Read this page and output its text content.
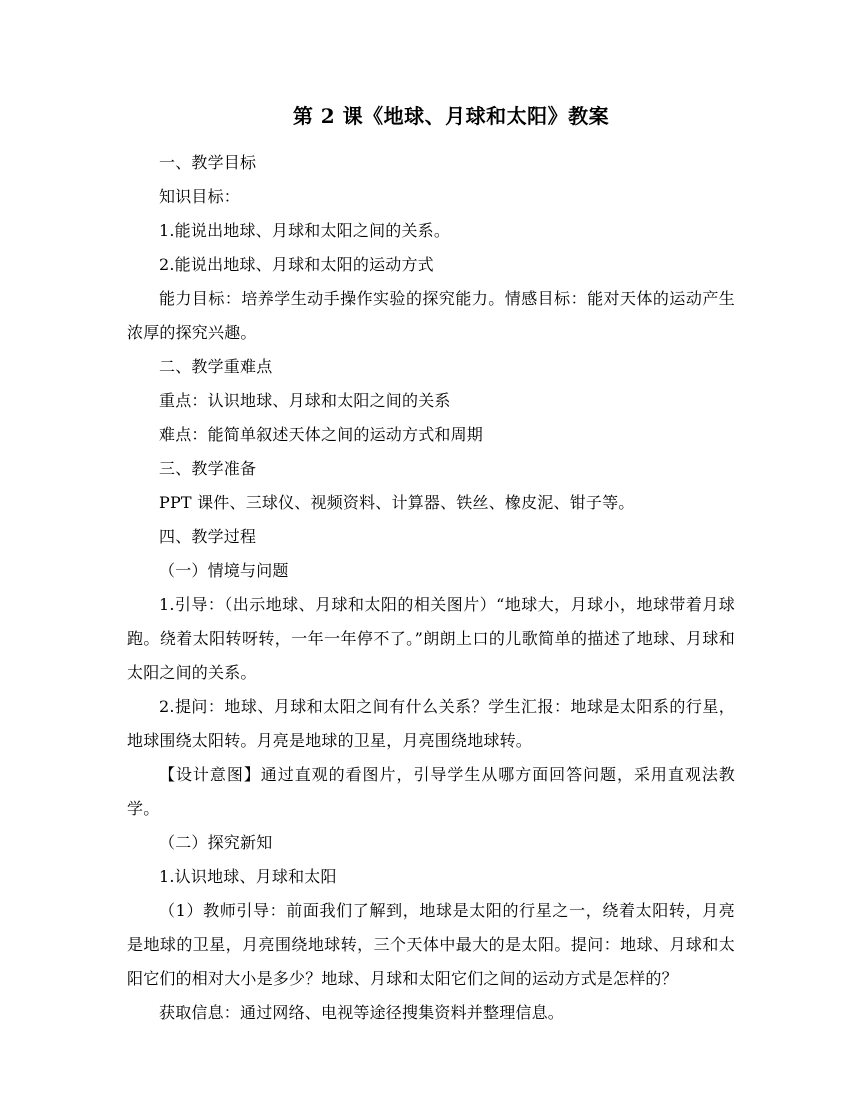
第 2 课《地球、月球和太阳》教案

一、教学目标

知识目标：

1.能说出地球、月球和太阳之间的关系。

2.能说出地球、月球和太阳的运动方式

能力目标：培养学生动手操作实验的探究能力。情感目标：能对天体的运动产生浓厚的探究兴趣。

二、教学重难点

重点：认识地球、月球和太阳之间的关系

难点：能简单叙述天体之间的运动方式和周期

三、教学准备

PPT 课件、三球仪、视频资料、计算器、铁丝、橡皮泥、钳子等。

四、教学过程

（一）情境与问题

1.引导：（出示地球、月球和太阳的相关图片）“地球大，月球小，地球带着月球跑。绕着太阳转呀转，一年一年停不了。”朗朗上口的儿歌简单的描述了地球、月球和太阳之间的关系。

2.提问：地球、月球和太阳之间有什么关系？学生汇报：地球是太阳系的行星，地球围绕太阳转。月亮是地球的卫星，月亮围绕地球转。

【设计意图】通过直观的看图片，引导学生从哪方面回答问题，采用直观法教学。

（二）探究新知

1.认识地球、月球和太阳

（1）教师引导：前面我们了解到，地球是太阳的行星之一，绕着太阳转，月亮是地球的卫星，月亮围绕地球转，三个天体中最大的是太阳。提问：地球、月球和太阳它们的相对大小是多少？地球、月球和太阳它们之间的运动方式是怎样的？

获取信息：通过网络、电视等途径搜集资料并整理信息。
